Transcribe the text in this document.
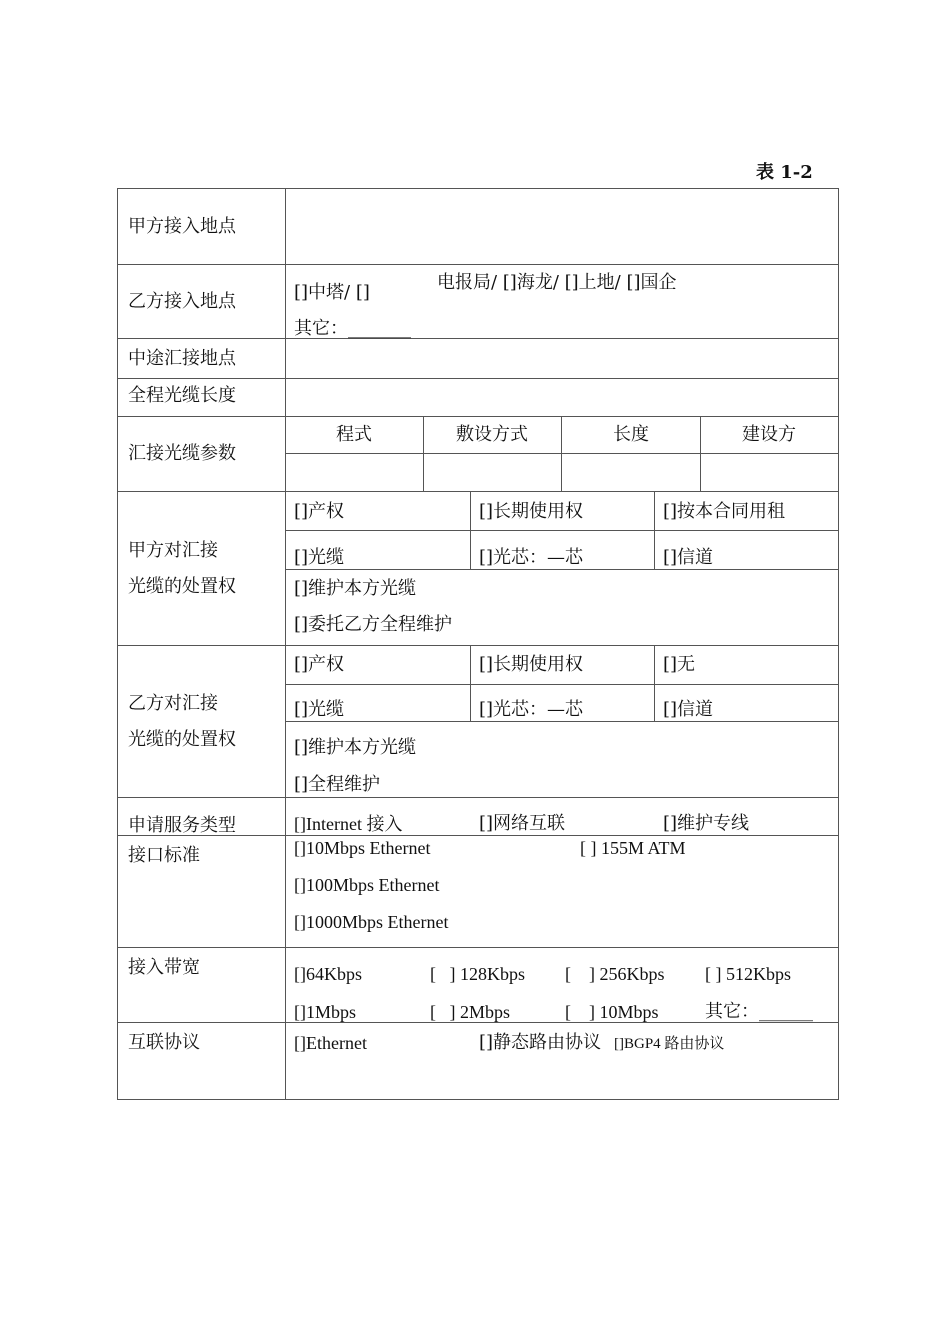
表 1-2
甲方接入地点
乙方接入地点	[]中塔/ []	电报局/ []海龙/ []上地/ []国企
其它：_______
中途汇接地点
全程光缆长度
汇接光缆参数
程式	敷设方式	长度	建设方
甲方对汇接
光缆的处置权
[]产权	[]长期使用权	[]按本合同用租
[]光缆	[]光芯：—芯	[]信道
[]维护本方光缆
[]委托乙方全程维护
乙方对汇接
光缆的处置权
[]产权	[]长期使用权	[]无
[]光缆	[]光芯：—芯	[]信道
[]维护本方光缆
[]全程维护
申请服务类型	[]Internet 接入	[]网络互联	[]维护专线
接口标准	[]10Mbps Ethernet	[ ] 155M ATM
[]100Mbps Ethernet
[]1000Mbps Ethernet
接入带宽	[]64Kbps	[   ] 128Kbps [    ] 256Kbps [ ] 512Kbps
[]1Mbps	[   ] 2Mbps	[    ] 10Mbps	其它：______
互联协议	[]Ethernet	[]静态路由协议 []BGP4 路由协议
